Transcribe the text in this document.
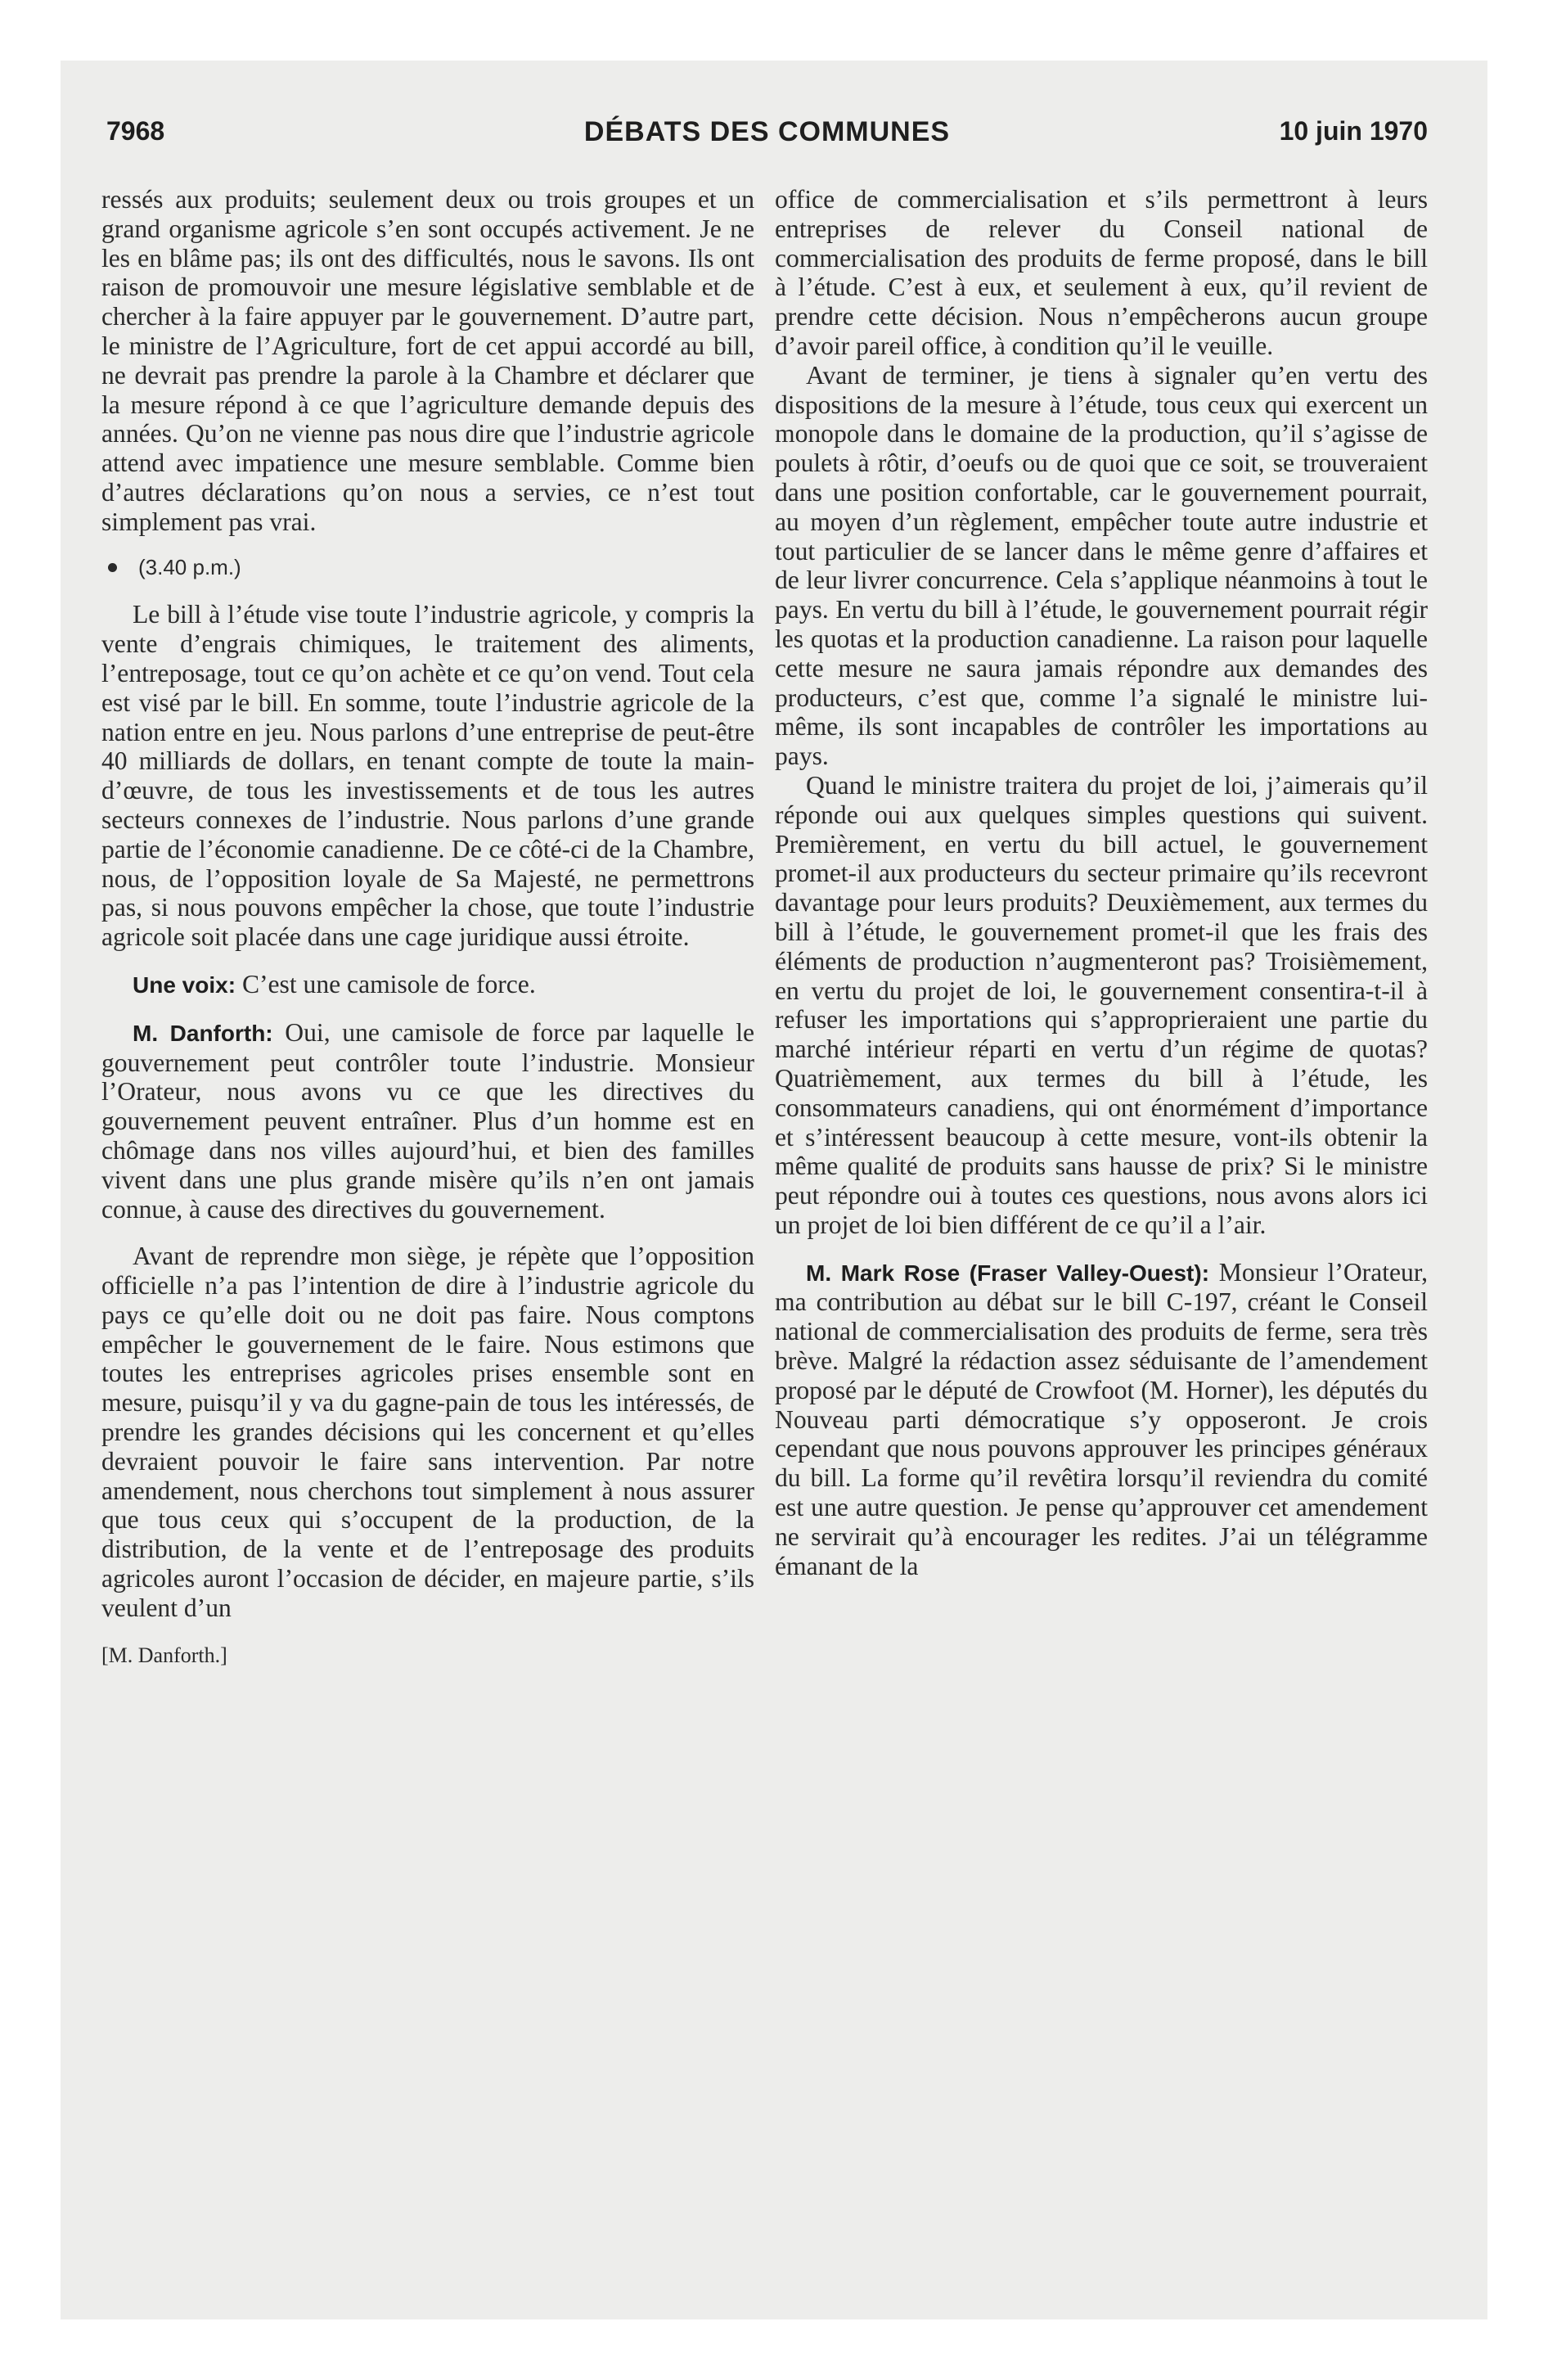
7968	DÉBATS DES COMMUNES	10 juin 1970

ressés aux produits; seulement deux ou trois groupes et un grand organisme agricole s’en sont occupés activement. Je ne les en blâme pas; ils ont des difficultés, nous le savons. Ils ont raison de promouvoir une mesure législative semblable et de chercher à la faire appuyer par le gouvernement. D’autre part, le ministre de l’Agriculture, fort de cet appui accordé au bill, ne devrait pas prendre la parole à la Chambre et déclarer que la mesure répond à ce que l’agriculture demande depuis des années. Qu’on ne vienne pas nous dire que l’industrie agricole attend avec impatience une mesure semblable. Comme bien d’autres déclarations qu’on nous a servies, ce n’est tout simplement pas vrai.

(3.40 p.m.)

Le bill à l’étude vise toute l’industrie agricole, y compris la vente d’engrais chimiques, le traitement des aliments, l’entreposage, tout ce qu’on achète et ce qu’on vend. Tout cela est visé par le bill. En somme, toute l’industrie agricole de la nation entre en jeu. Nous parlons d’une entreprise de peut-être 40 milliards de dollars, en tenant compte de toute la main-d’œuvre, de tous les investissements et de tous les autres secteurs connexes de l’industrie. Nous parlons d’une grande partie de l’économie canadienne. De ce côté-ci de la Chambre, nous, de l’opposition loyale de Sa Majesté, ne permettrons pas, si nous pouvons empêcher la chose, que toute l’industrie agricole soit placée dans une cage juridique aussi étroite.

Une voix: C’est une camisole de force.

M. Danforth: Oui, une camisole de force par laquelle le gouvernement peut contrôler toute l’industrie. Monsieur l’Orateur, nous avons vu ce que les directives du gouvernement peuvent entraîner. Plus d’un homme est en chômage dans nos villes aujourd’hui, et bien des familles vivent dans une plus grande misère qu’ils n’en ont jamais connue, à cause des directives du gouvernement.

Avant de reprendre mon siège, je répète que l’opposition officielle n’a pas l’intention de dire à l’industrie agricole du pays ce qu’elle doit ou ne doit pas faire. Nous comptons empêcher le gouvernement de le faire. Nous estimons que toutes les entreprises agricoles prises ensemble sont en mesure, puisqu’il y va du gagne-pain de tous les intéressés, de prendre les grandes décisions qui les concernent et qu’elles devraient pouvoir le faire sans intervention. Par notre amendement, nous cherchons tout simplement à nous assurer que tous ceux qui s’occupent de la production, de la distribution, de la vente et de l’entreposage des produits agricoles auront l’occasion de décider, en majeure partie, s’ils veulent d’un

[M. Danforth.]

office de commercialisation et s’ils permettront à leurs entreprises de relever du Conseil national de commercialisation des produits de ferme proposé, dans le bill à l’étude. C’est à eux, et seulement à eux, qu’il revient de prendre cette décision. Nous n’empêcherons aucun groupe d’avoir pareil office, à condition qu’il le veuille.

Avant de terminer, je tiens à signaler qu’en vertu des dispositions de la mesure à l’étude, tous ceux qui exercent un monopole dans le domaine de la production, qu’il s’agisse de poulets à rôtir, d’oeufs ou de quoi que ce soit, se trouveraient dans une position confortable, car le gouvernement pourrait, au moyen d’un règlement, empêcher toute autre industrie et tout particulier de se lancer dans le même genre d’affaires et de leur livrer concurrence. Cela s’applique néanmoins à tout le pays. En vertu du bill à l’étude, le gouvernement pourrait régir les quotas et la production canadienne. La raison pour laquelle cette mesure ne saura jamais répondre aux demandes des producteurs, c’est que, comme l’a signalé le ministre lui-même, ils sont incapables de contrôler les importations au pays.

Quand le ministre traitera du projet de loi, j’aimerais qu’il réponde oui aux quelques simples questions qui suivent. Premièrement, en vertu du bill actuel, le gouvernement promet-il aux producteurs du secteur primaire qu’ils recevront davantage pour leurs produits? Deuxièmement, aux termes du bill à l’étude, le gouvernement promet-il que les frais des éléments de production n’augmenteront pas? Troisièmement, en vertu du projet de loi, le gouvernement consentira-t-il à refuser les importations qui s’approprieraient une partie du marché intérieur réparti en vertu d’un régime de quotas? Quatrièmement, aux termes du bill à l’étude, les consommateurs canadiens, qui ont énormément d’importance et s’intéressent beaucoup à cette mesure, vont-ils obtenir la même qualité de produits sans hausse de prix? Si le ministre peut répondre oui à toutes ces questions, nous avons alors ici un projet de loi bien différent de ce qu’il a l’air.

M. Mark Rose (Fraser Valley-Ouest): Monsieur l’Orateur, ma contribution au débat sur le bill C-197, créant le Conseil national de commercialisation des produits de ferme, sera très brève. Malgré la rédaction assez séduisante de l’amendement proposé par le député de Crowfoot (M. Horner), les députés du Nouveau parti démocratique s’y opposeront. Je crois cependant que nous pouvons approuver les principes généraux du bill. La forme qu’il revêtira lorsqu’il reviendra du comité est une autre question. Je pense qu’approuver cet amendement ne servirait qu’à encourager les redites. J’ai un télégramme émanant de la
